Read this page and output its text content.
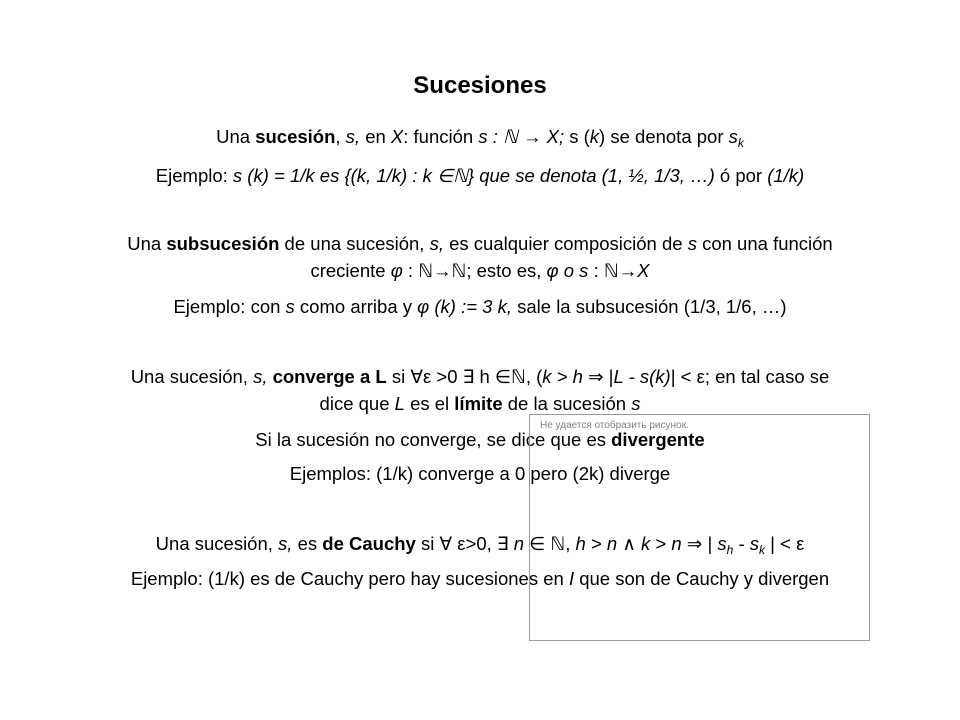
Sucesiones
Una sucesión, s, en X: función s : ℕ → X; s (k) se denota por $s_k$
Ejemplo: s (k) = 1/k es {(k, 1/k) : k ∈ℕ} que se denota (1, ½, 1/3, …) ó por (1/k)
Una subsucesión de una sucesión, s, es cualquier composición de s con una función
creciente φ : ℕ→ℕ; esto es, φ ο s : ℕ→X
Ejemplo: con s como arriba y φ (k) := 3 k, sale la subsucesión (1/3, 1/6, …)
Una sucesión, s, converge a L si ∀ε >0 ∃ h ∈ℕ, (k > h ⇒ |L - s(k)| < ε; en tal caso se
dice que L es el límite de la sucesión s
Si la sucesión no converge, se dice que es divergente
Ejemplos: (1/k) converge a 0 pero (2k) diverge
Una sucesión, s, es de Cauchy si ∀ ε>0, ∃ n ∈ ℕ, h > n ∧ k > n ⇒ | $s_h - s_k$ | < ε
Ejemplo: (1/k) es de Cauchy pero hay sucesiones en I que son de Cauchy y divergen
Не удается отобразить рисунок.
